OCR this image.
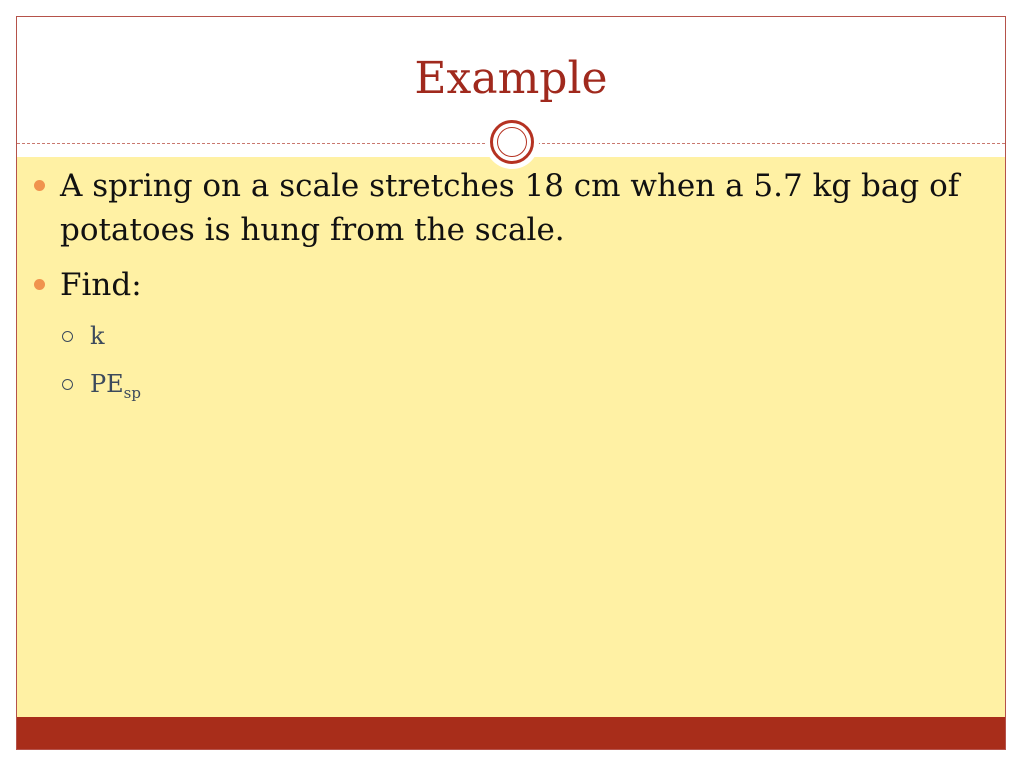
Example
A spring on a scale stretches 18 cm when a 5.7 kg bag of potatoes is hung from the scale.
Find:
k
$PE_{sp}$
